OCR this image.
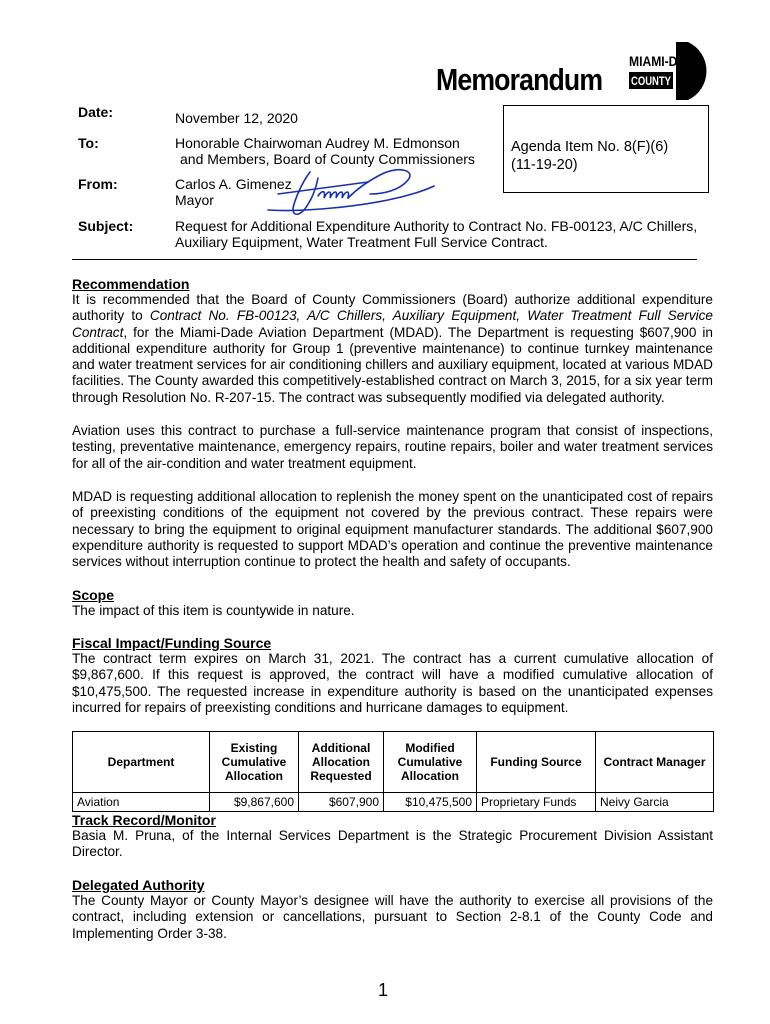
Memorandum
MIAMI-DADE
COUNTY
Date:	November 12, 2020
To:	Honorable Chairwoman Audrey M. Edmonson
and Members, Board of County Commissioners
From:	Carlos A. Gimenez
Mayor
Subject:	Request for Additional Expenditure Authority to Contract No. FB-00123, A/C Chillers,
Auxiliary Equipment, Water Treatment Full Service Contract.
Agenda Item No. 8(F)(6)
(11-19-20)
Recommendation

It is recommended that the Board of County Commissioners (Board) authorize additional expenditure authority to Contract No. FB-00123, A/C Chillers, Auxiliary Equipment, Water Treatment Full Service Contract, for the Miami-Dade Aviation Department (MDAD). The Department is requesting $607,900 in additional expenditure authority for Group 1 (preventive maintenance) to continue turnkey maintenance and water treatment services for air conditioning chillers and auxiliary equipment, located at various MDAD facilities. The County awarded this competitively-established contract on March 3, 2015, for a six year term through Resolution No. R-207-15. The contract was subsequently modified via delegated authority.

Aviation uses this contract to purchase a full-service maintenance program that consist of inspections, testing, preventative maintenance, emergency repairs, routine repairs, boiler and water treatment services for all of the air-condition and water treatment equipment.
MDAD is requesting additional allocation to replenish the money spent on the unanticipated cost of repairs of preexisting conditions of the equipment not covered by the previous contract. These repairs were necessary to bring the equipment to original equipment manufacturer standards. The additional $607,900 expenditure authority is requested to support MDAD’s operation and continue the preventive maintenance services without interruption continue to protect the health and safety of occupants.
Scope
The impact of this item is countywide in nature.
Fiscal Impact/Funding Source
The contract term expires on March 31, 2021. The contract has a current cumulative allocation of $9,867,600. If this request is approved, the contract will have a modified cumulative allocation of $10,475,500. The requested increase in expenditure authority is based on the unanticipated expenses incurred for repairs of preexisting conditions and hurricane damages to equipment.
Department	Existing Cumulative Allocation	Additional Allocation Requested	Modified Cumulative Allocation	Funding Source	Contract Manager
Aviation	$9,867,600	$607,900	$10,475,500	Proprietary Funds	Neivy Garcia
Track Record/Monitor
Basia M. Pruna, of the Internal Services Department is the Strategic Procurement Division Assistant Director.
Delegated Authority
The County Mayor or County Mayor’s designee will have the authority to exercise all provisions of the contract, including extension or cancellations, pursuant to Section 2-8.1 of the County Code and Implementing Order 3-38.
1
